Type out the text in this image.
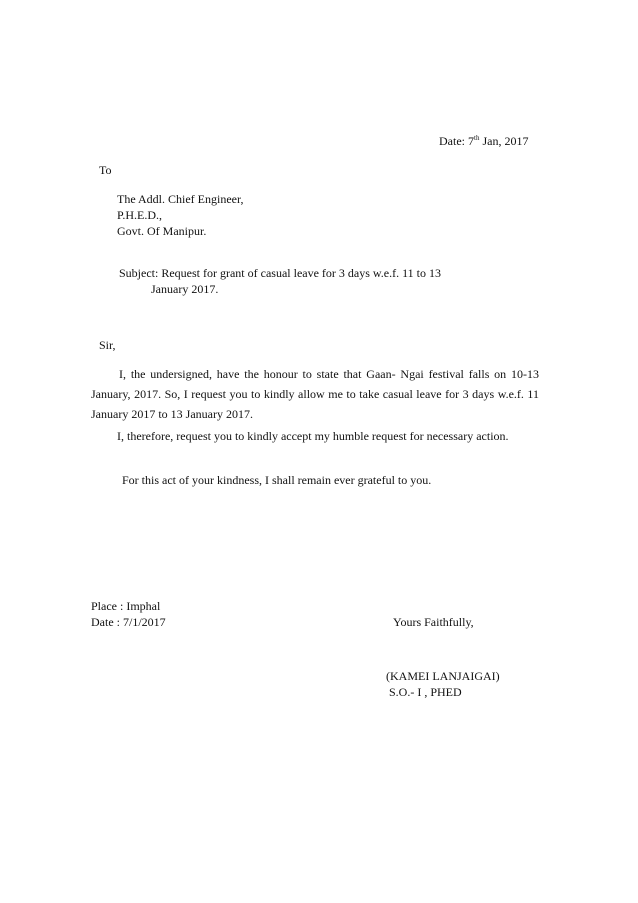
Date: 7th Jan, 2017
To
The Addl. Chief Engineer,
P.H.E.D.,
Govt. Of Manipur.
Subject: Request for grant of casual leave for 3 days w.e.f. 11 to 13
January 2017.
Sir,
I, the undersigned, have the honour to state that Gaan- Ngai festival falls on 10-13 January, 2017. So, I request you to kindly allow me to take casual leave for 3 days w.e.f. 11 January 2017 to 13 January 2017.
I, therefore, request you to kindly accept my humble request for necessary action.
For this act of your kindness, I shall remain ever grateful to you.
Place : Imphal
Date : 7/1/2017	Yours Faithfully,
(KAMEI LANJAIGAI)
S.O.- I , PHED
